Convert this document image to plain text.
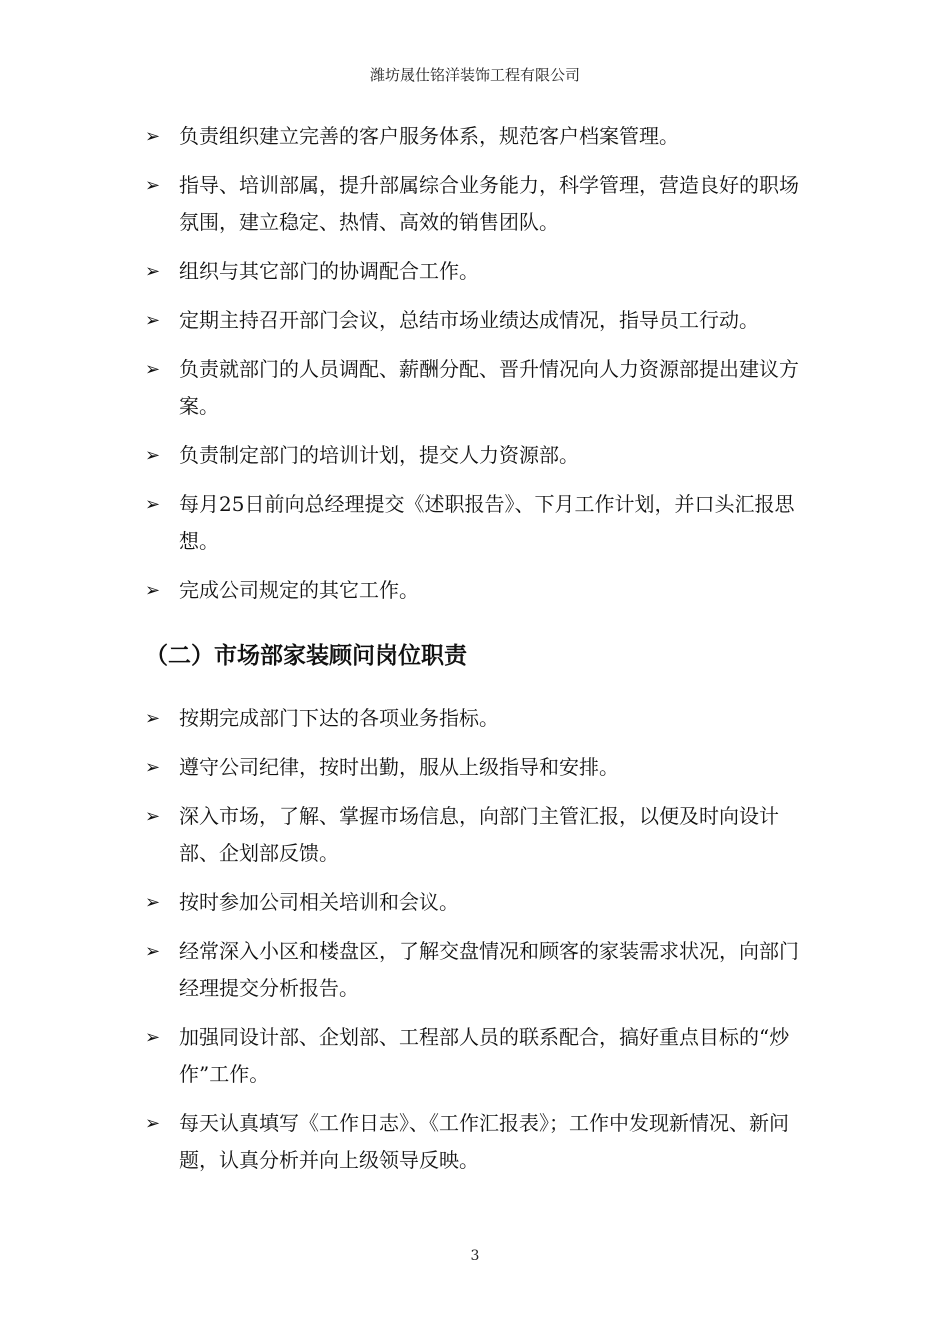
潍坊晟仕铭洋装饰工程有限公司
➢ 负责组织建立完善的客户服务体系，规范客户档案管理。
➢ 指导、培训部属，提升部属综合业务能力，科学管理，营造良好的职场氛围，建立稳定、热情、高效的销售团队。
➢ 组织与其它部门的协调配合工作。
➢ 定期主持召开部门会议，总结市场业绩达成情况，指导员工行动。
➢ 负责就部门的人员调配、薪酬分配、晋升情况向人力资源部提出建议方案。
➢ 负责制定部门的培训计划，提交人力资源部。
➢ 每月25日前向总经理提交《述职报告》、下月工作计划，并口头汇报思想。
➢ 完成公司规定的其它工作。
（二）市场部家装顾问岗位职责
➢ 按期完成部门下达的各项业务指标。
➢ 遵守公司纪律，按时出勤，服从上级指导和安排。
➢ 深入市场，了解、掌握市场信息，向部门主管汇报，以便及时向设计部、企划部反馈。
➢ 按时参加公司相关培训和会议。
➢ 经常深入小区和楼盘区，了解交盘情况和顾客的家装需求状况，向部门经理提交分析报告。
➢ 加强同设计部、企划部、工程部人员的联系配合，搞好重点目标的“炒作”工作。
➢ 每天认真填写《工作日志》、《工作汇报表》；工作中发现新情况、新问题，认真分析并向上级领导反映。
3
